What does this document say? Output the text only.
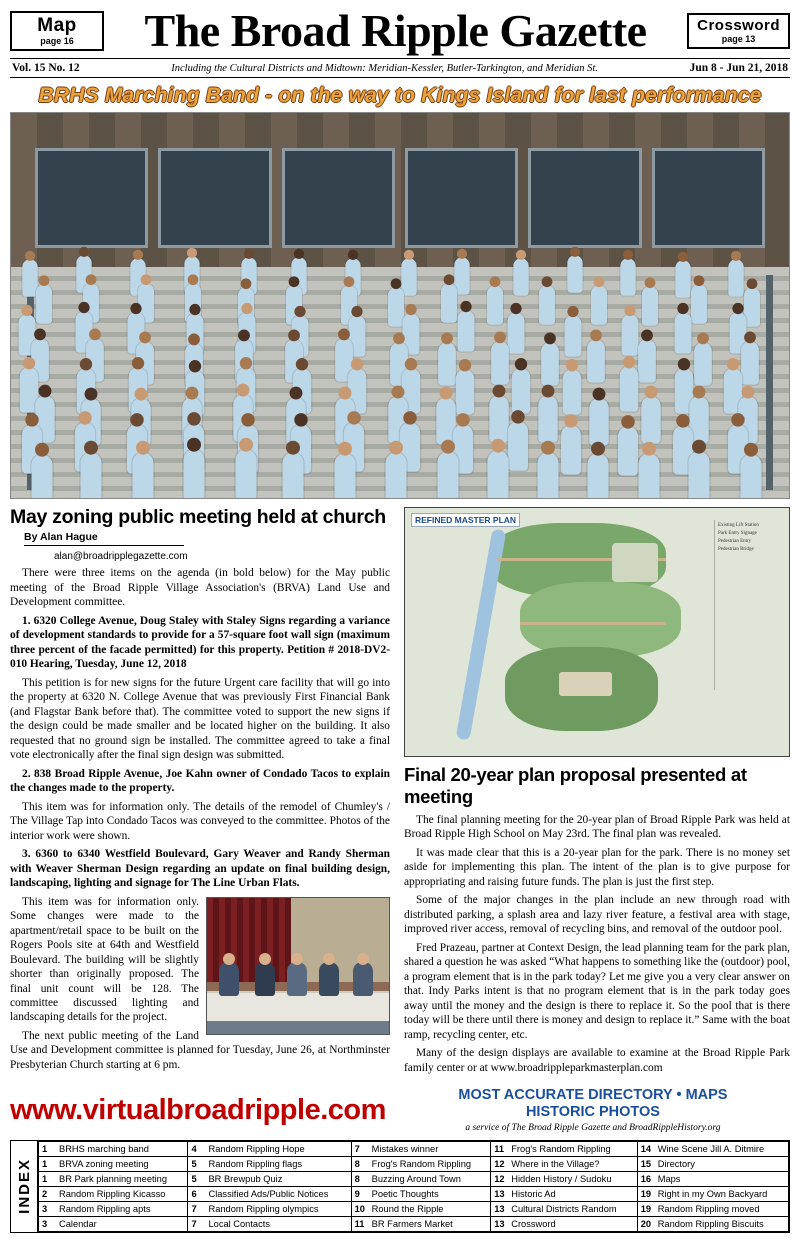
Map
page 16	The Broad Ripple Gazette	Crossword
page 13
Vol. 15 No. 12	Including the Cultural Districts and Midtown: Meridian-Kessler, Butler-Tarkington, and Meridian St.	Jun 8 - Jun 21, 2018
BRHS Marching Band - on the way to Kings Island for last performance
May zoning public meeting held at church
By Alan Hague
alan@broadripplegazette.com

There were three items on the agenda (in bold below) for the May public meeting of the Broad Ripple Village Association's (BRVA) Land Use and Development committee.

1. 6320 College Avenue, Doug Staley with Staley Signs regarding a variance of development standards to provide for a 57-square foot wall sign (maximum three percent of the facade permitted) for this property. Petition # 2018-DV2-010 Hearing, Tuesday, June 12, 2018

This petition is for new signs for the future Urgent care facility that will go into the property at 6320 N. College Avenue that was previously First Financial Bank (and Flagstar Bank before that). The committee voted to support the new signs if the design could be made smaller and be located higher on the building. It also requested that no ground sign be installed. The committee agreed to take a final vote electronically after the final sign design was submitted.

2. 838 Broad Ripple Avenue, Joe Kahn owner of Condado Tacos to explain the changes made to the property.

This item was for information only. The details of the remodel of Chumley's / The Village Tap into Condado Tacos was conveyed to the committee. Photos of the interior work were shown.

3. 6360 to 6340 Westfield Boulevard, Gary Weaver and Randy Sherman with Weaver Sherman Design regarding an update on final building design, landscaping, lighting and signage for The Line Urban Flats.

This item was for information only. Some changes were made to the apartment/retail space to be built on the Rogers Pools site at 64th and Westfield Boulevard. The building will be slightly shorter than originally proposed. The final unit count will be 128. The committee discussed lighting and landscaping details for the project.

The next public meeting of the Land Use and Development committee is planned for Tuesday, June 26, at Northminster Presbyterian Church starting at 6 pm.

REFINED MASTER PLAN
Existing Lift Station
Park Entry Signage
Pedestrian Entry
Pedestrian Bridge
Final 20-year plan proposal presented at meeting

The final planning meeting for the 20-year plan of Broad Ripple Park was held at Broad Ripple High School on May 23rd. The final plan was revealed.

It was made clear that this is a 20-year plan for the park. There is no money set aside for implementing this plan. The intent of the plan is to give purpose for appropriating and raising future funds. The plan is just the first step.

Some of the major changes in the plan include an new through road with distributed parking, a splash area and lazy river feature, a festival area with stage, improved river access, removal of recycling bins, and removal of the outdoor pool.

Fred Prazeau, partner at Context Design, the lead planning team for the park plan, shared a question he was asked “What happens to something like the (outdoor) pool, a program element that is in the park today? Let me give you a very clear answer on that. Indy Parks intent is that no program element that is in the park today goes away until the money and the design is there to replace it. So the pool that is there today will be there until there is money and design to replace it.” Same with the boat ramp, recycling center, etc.

Many of the design displays are available to examine at the Broad Ripple Park family center or at www.broadrippleparkmasterplan.com

www.virtualbroadripple.com	MOST ACCURATE DIRECTORY • MAPS
HISTORIC PHOTOS
a service of The Broad Ripple Gazette and BroadRippleHistory.org
INDEX
1	BRHS marching band	4	Random Rippling Hope	7	Mistakes winner	11	Frog's Random Rippling	14	Wine Scene Jill A. Ditmire
1	BRVA zoning meeting	5	Random Rippling flags	8	Frog's Random Rippling	12	Where in the Village?	15	Directory
1	BR Park planning meeting	5	BR Brewpub Quiz	8	Buzzing Around Town	12	Hidden History / Sudoku	16	Maps
2	Random Rippling Kicasso	6	Classified Ads/Public Notices	9	Poetic Thoughts	13	Historic Ad	19	Right in my Own Backyard
3	Random Rippling apts	7	Random Rippling olympics	10	Round the Ripple	13	Cultural Districts Random	19	Random Rippling moved
3	Calendar	7	Local Contacts	11	BR Farmers Market	13	Crossword	20	Random Rippling Biscuits
